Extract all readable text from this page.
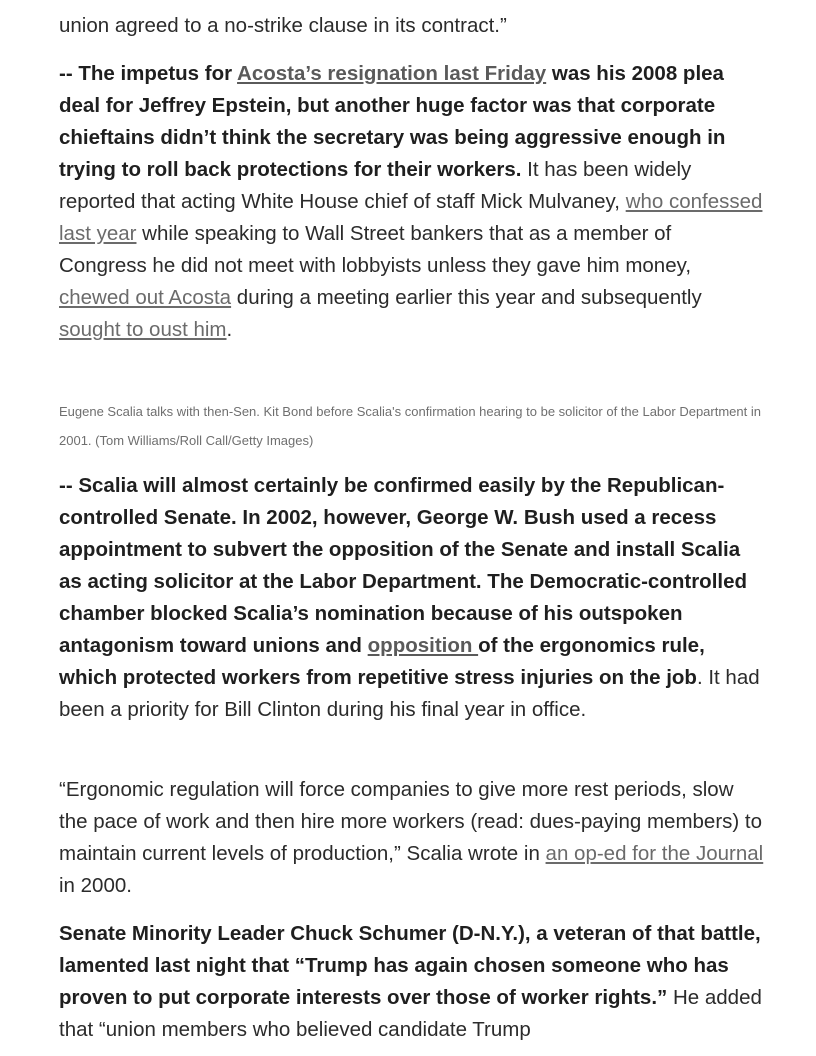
union agreed to a no-strike clause in its contract.”

-- The impetus for Acosta’s resignation last Friday was his 2008 plea deal for Jeffrey Epstein, but another huge factor was that corporate chieftains didn’t think the secretary was being aggressive enough in trying to roll back protections for their workers. It has been widely reported that acting White House chief of staff Mick Mulvaney, who confessed last year while speaking to Wall Street bankers that as a member of Congress he did not meet with lobbyists unless they gave him money, chewed out Acosta during a meeting earlier this year and subsequently sought to oust him.

Eugene Scalia talks with then-Sen. Kit Bond before Scalia's confirmation hearing to be solicitor of the Labor Department in 2001. (Tom Williams/Roll Call/Getty Images)

-- Scalia will almost certainly be confirmed easily by the Republican-controlled Senate. In 2002, however, George W. Bush used a recess appointment to subvert the opposition of the Senate and install Scalia as acting solicitor at the Labor Department. The Democratic-controlled chamber blocked Scalia’s nomination because of his outspoken antagonism toward unions and opposition of the ergonomics rule, which protected workers from repetitive stress injuries on the job. It had been a priority for Bill Clinton during his final year in office.

“Ergonomic regulation will force companies to give more rest periods, slow the pace of work and then hire more workers (read: dues-paying members) to maintain current levels of production,” Scalia wrote in an op-ed for the Journal in 2000.

Senate Minority Leader Chuck Schumer (D-N.Y.), a veteran of that battle, lamented last night that “Trump has again chosen someone who has proven to put corporate interests over those of worker rights.” He added that “union members who believed candidate Trump
